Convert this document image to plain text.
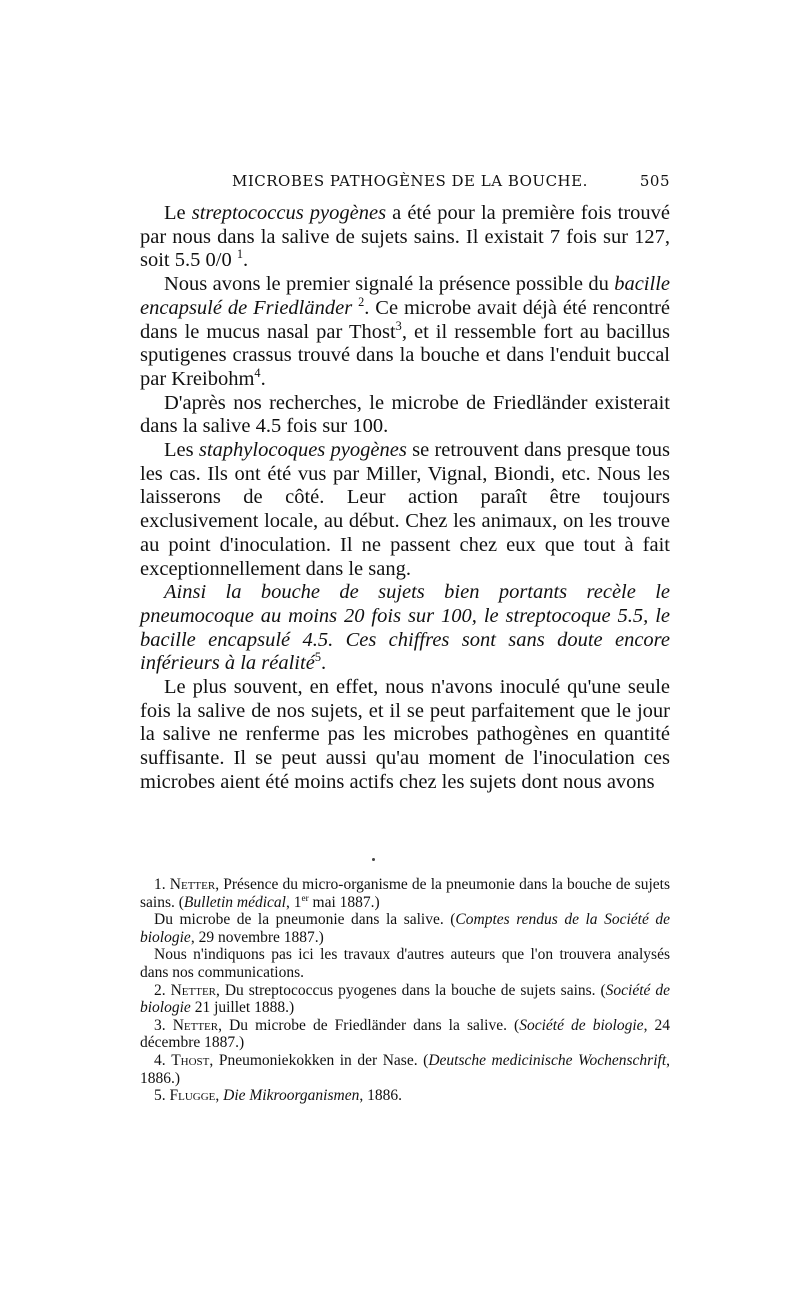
MICROBES PATHOGÈNES DE LA BOUCHE.	505

Le streptococcus pyogènes a été pour la première fois trouvé par nous dans la salive de sujets sains. Il existait 7 fois sur 127, soit 5.5 0/0 $^1$.

Nous avons le premier signalé la présence possible du bacille encapsulé de Friedländer $^2$. Ce microbe avait déjà été rencontré dans le mucus nasal par Thost$^3$, et il ressemble fort au bacillus sputigenes crassus trouvé dans la bouche et dans l'enduit buccal par Kreibohm$^4$.

D'après nos recherches, le microbe de Friedländer existerait dans la salive 4.5 fois sur 100.

Les staphylocoques pyogènes se retrouvent dans presque tous les cas. Ils ont été vus par Miller, Vignal, Biondi, etc. Nous les laisserons de côté. Leur action paraît être toujours exclusivement locale, au début. Chez les animaux, on les trouve au point d'inoculation. Il ne passent chez eux que tout à fait exceptionnellement dans le sang.

Ainsi la bouche de sujets bien portants recèle le pneumocoque au moins 20 fois sur 100, le streptocoque 5.5, le bacille encapsulé 4.5. Ces chiffres sont sans doute encore inférieurs à la réalité$^5$.

Le plus souvent, en effet, nous n'avons inoculé qu'une seule fois la salive de nos sujets, et il se peut parfaitement que le jour la salive ne renferme pas les microbes pathogènes en quantité suffisante. Il se peut aussi qu'au moment de l'inoculation ces microbes aient été moins actifs chez les sujets dont nous avons

1. Netter, Présence du micro-organisme de la pneumonie dans la bouche de sujets sains. (Bulletin médical, 1er mai 1887.)

Du microbe de la pneumonie dans la salive. (Comptes rendus de la Société de biologie, 29 novembre 1887.)

Nous n'indiquons pas ici les travaux d'autres auteurs que l'on trouvera analysés dans nos communications.

2. Netter, Du streptococcus pyogenes dans la bouche de sujets sains. (Société de biologie 21 juillet 1888.)

3. Netter, Du microbe de Friedländer dans la salive. (Société de biologie, 24 décembre 1887.)

4. Thost, Pneumoniekokken in der Nase. (Deutsche medicinische Wochenschrift, 1886.)

5. Flugge, Die Mikroorganismen, 1886.
